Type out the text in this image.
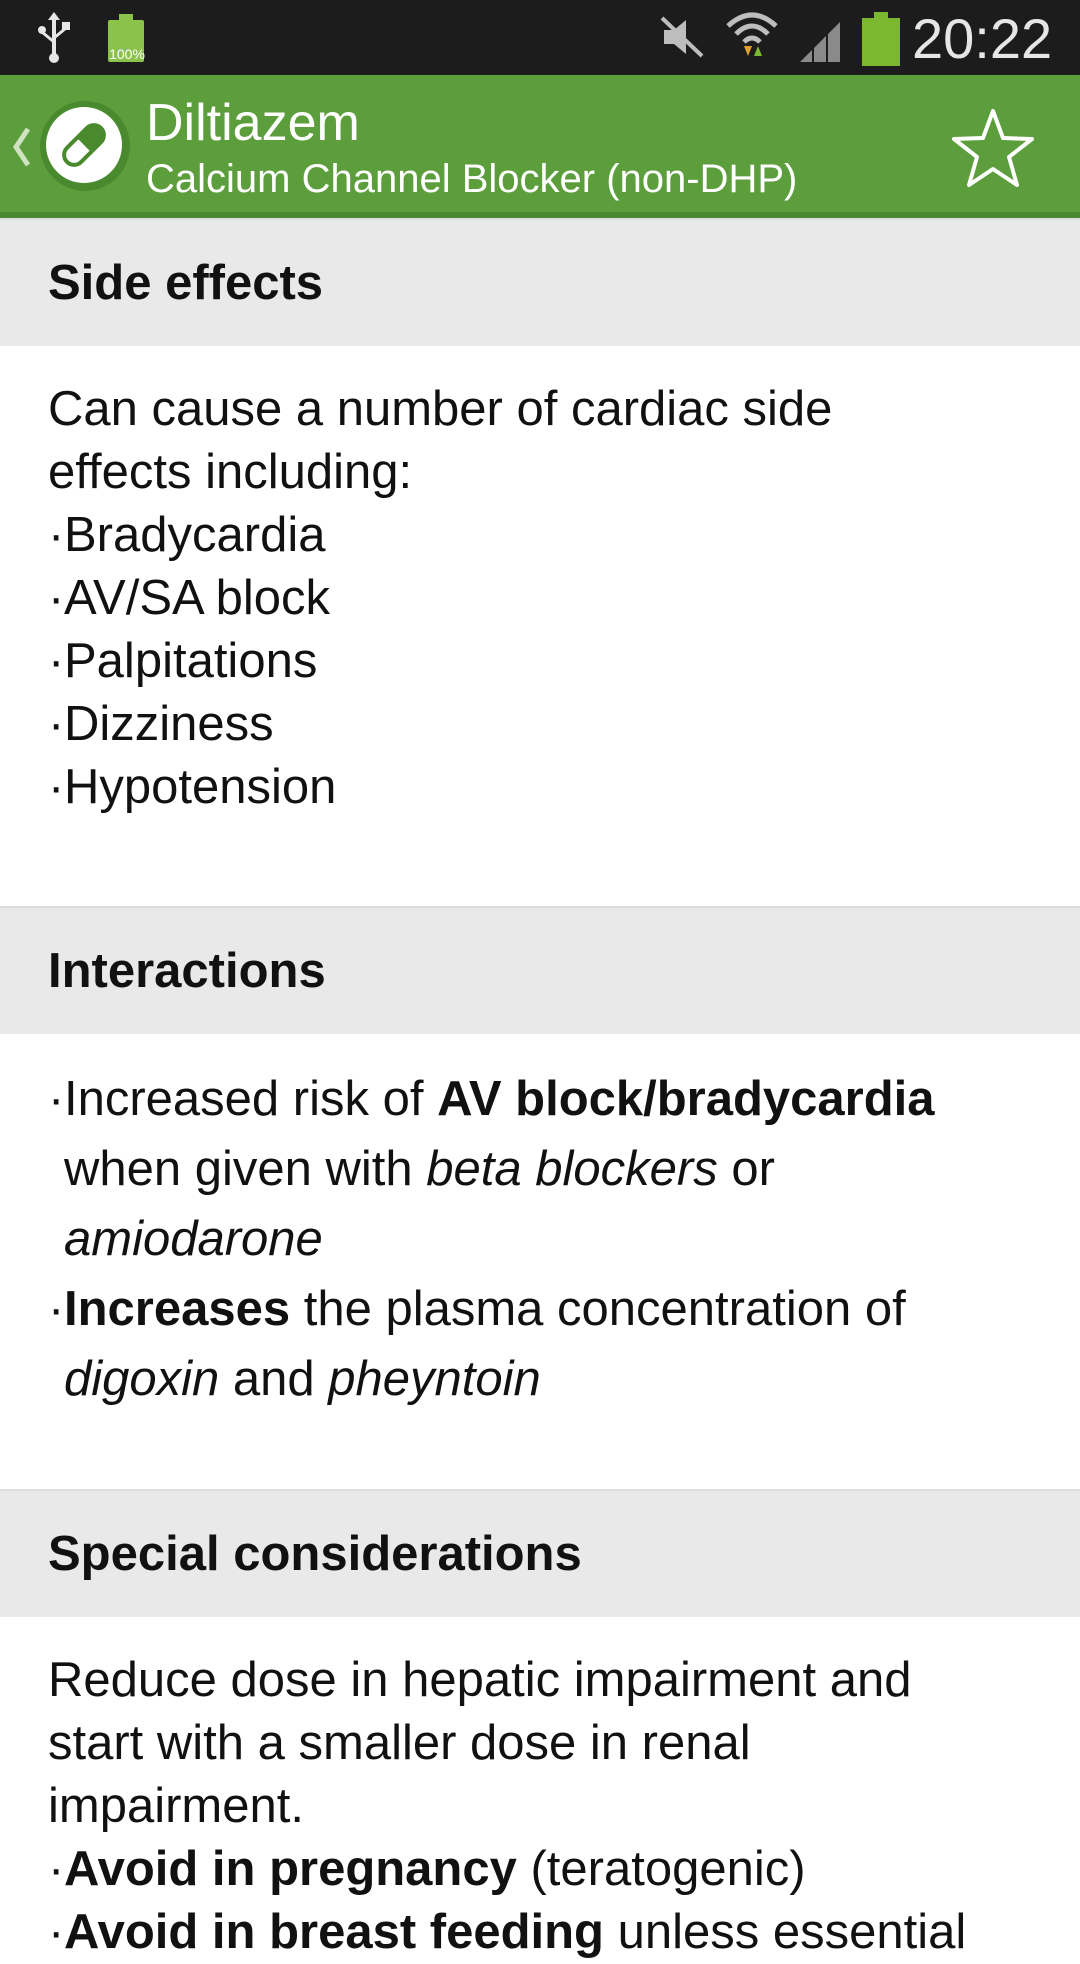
100%	20:22
Diltiazem
Calcium Channel Blocker (non-DHP)
Side effects
Can cause a number of cardiac side
effects including:
· Bradycardia
· AV/SA block
· Palpitations
· Dizziness
· Hypotension
Interactions
· Increased risk of AV block/bradycardia
when given with beta blockers or
amiodarone
· Increases the plasma concentration of
digoxin and pheyntoin
Special considerations
Reduce dose in hepatic impairment and
start with a smaller dose in renal
impairment.
· Avoid in pregnancy (teratogenic)
· Avoid in breast feeding unless essential
